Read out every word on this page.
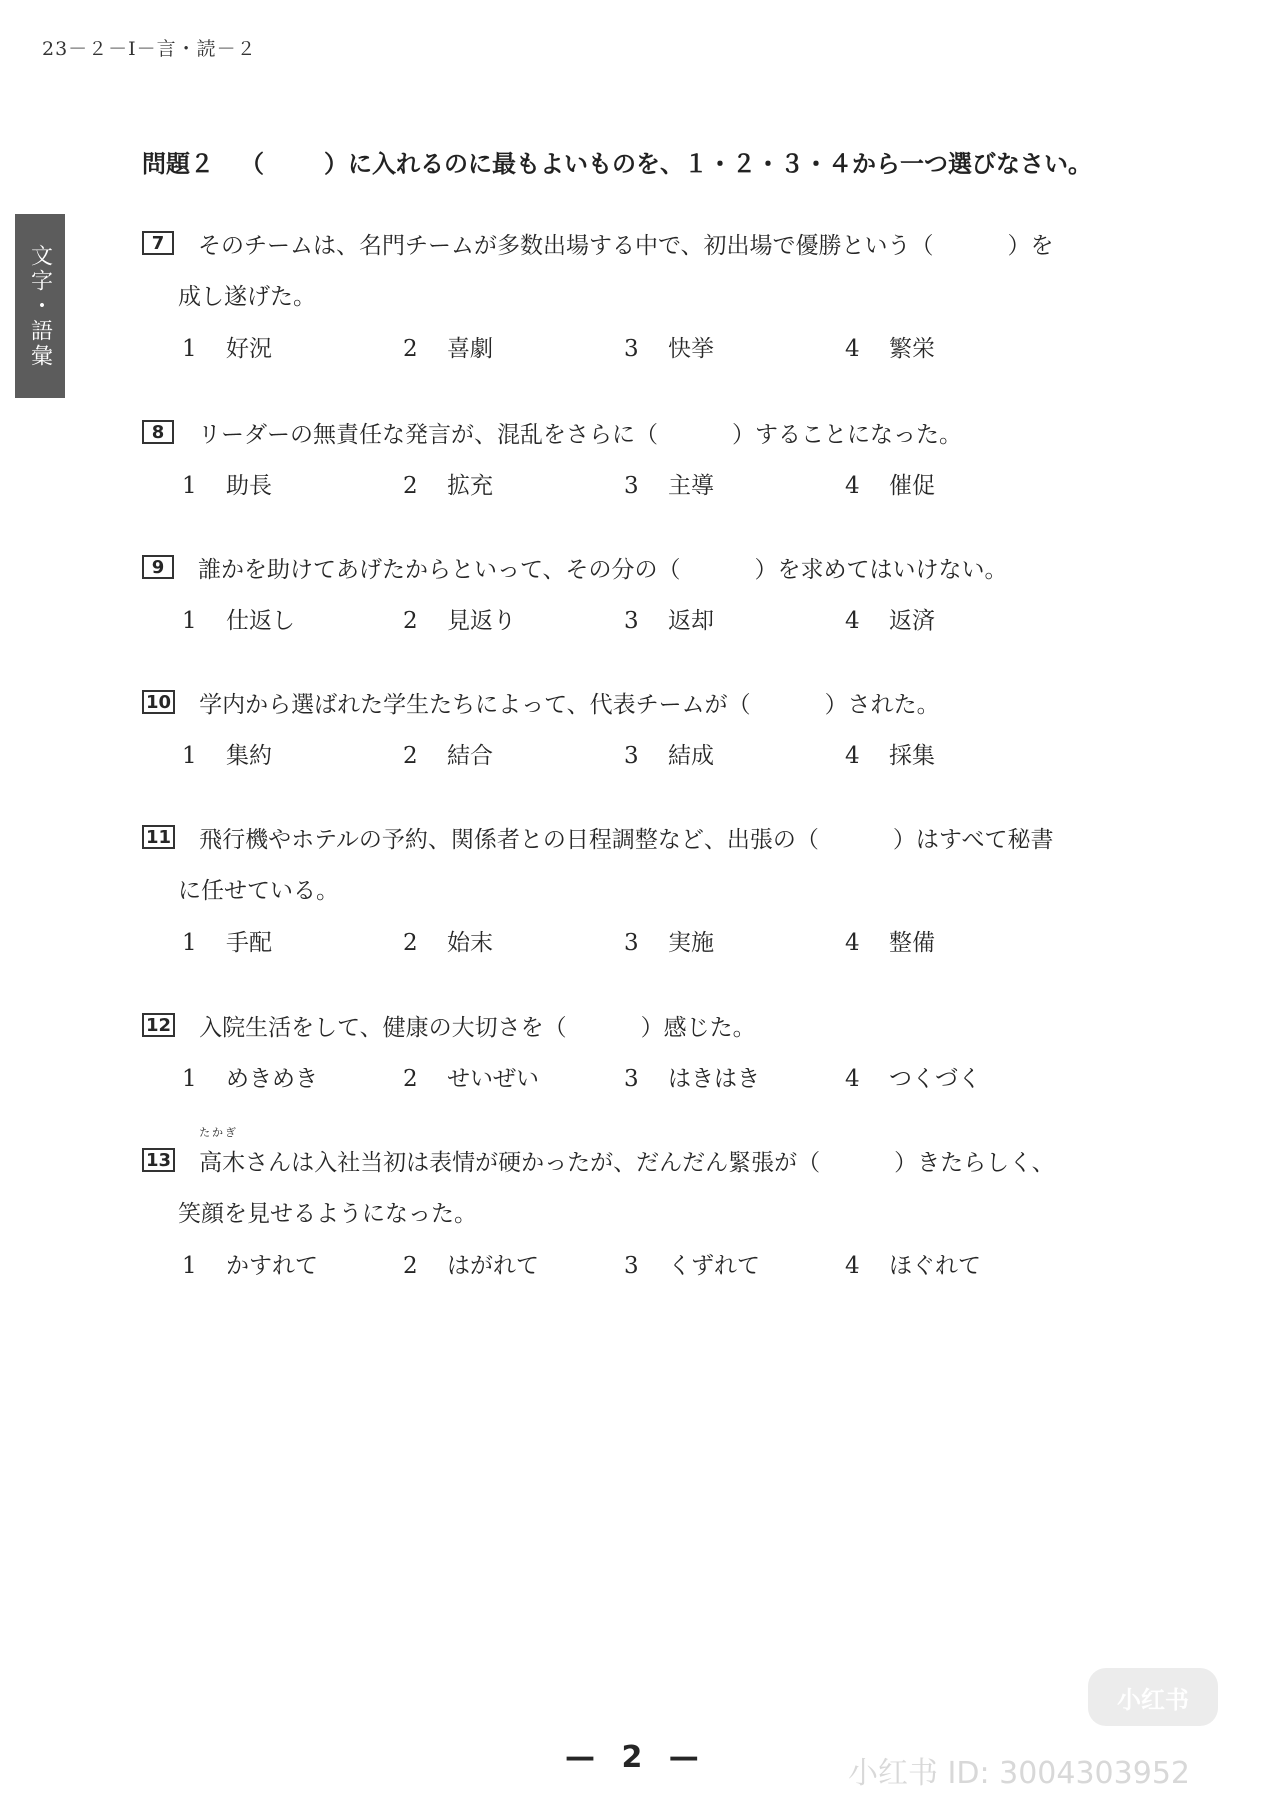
23－２－Ⅰ－言・読－２
文字・語彙
問題２ （	）に入れるのに最もよいものを、１・２・３・４から一つ選びなさい。
7	そのチームは、名門チームが多数出場する中で、初出場で優勝という（	）を
成し遂げた。
1 好況	2 喜劇	3 快挙	4 繁栄
8	リーダーの無責任な発言が、混乱をさらに（	）することになった。
1 助長	2 拡充	3 主導	4 催促
9	誰かを助けてあげたからといって、その分の（	）を求めてはいけない。
1 仕返し	2 見返り	3 返却	4 返済
10 学内から選ばれた学生たちによって、代表チームが（	）された。
1 集約	2 結合	3 結成	4 採集
11 飛行機やホテルの予約、関係者との日程調整など、出張の（	）はすべて秘書
に任せている。
1 手配	2 始末	3 実施	4 整備
12 入院生活をして、健康の大切さを（	）感じた。
1 めきめき	2 せいぜい	3 はきはき	4 つくづく
13
たかぎ
高木 さんは入社当初は表情が硬かったが、だんだん緊張が（	）きたらしく、
笑顔を見せるようになった。
1 かすれて	2 はがれて	3 くずれて	4 ほぐれて
— 2 —
小红书
小红书 ID: 3004303952
